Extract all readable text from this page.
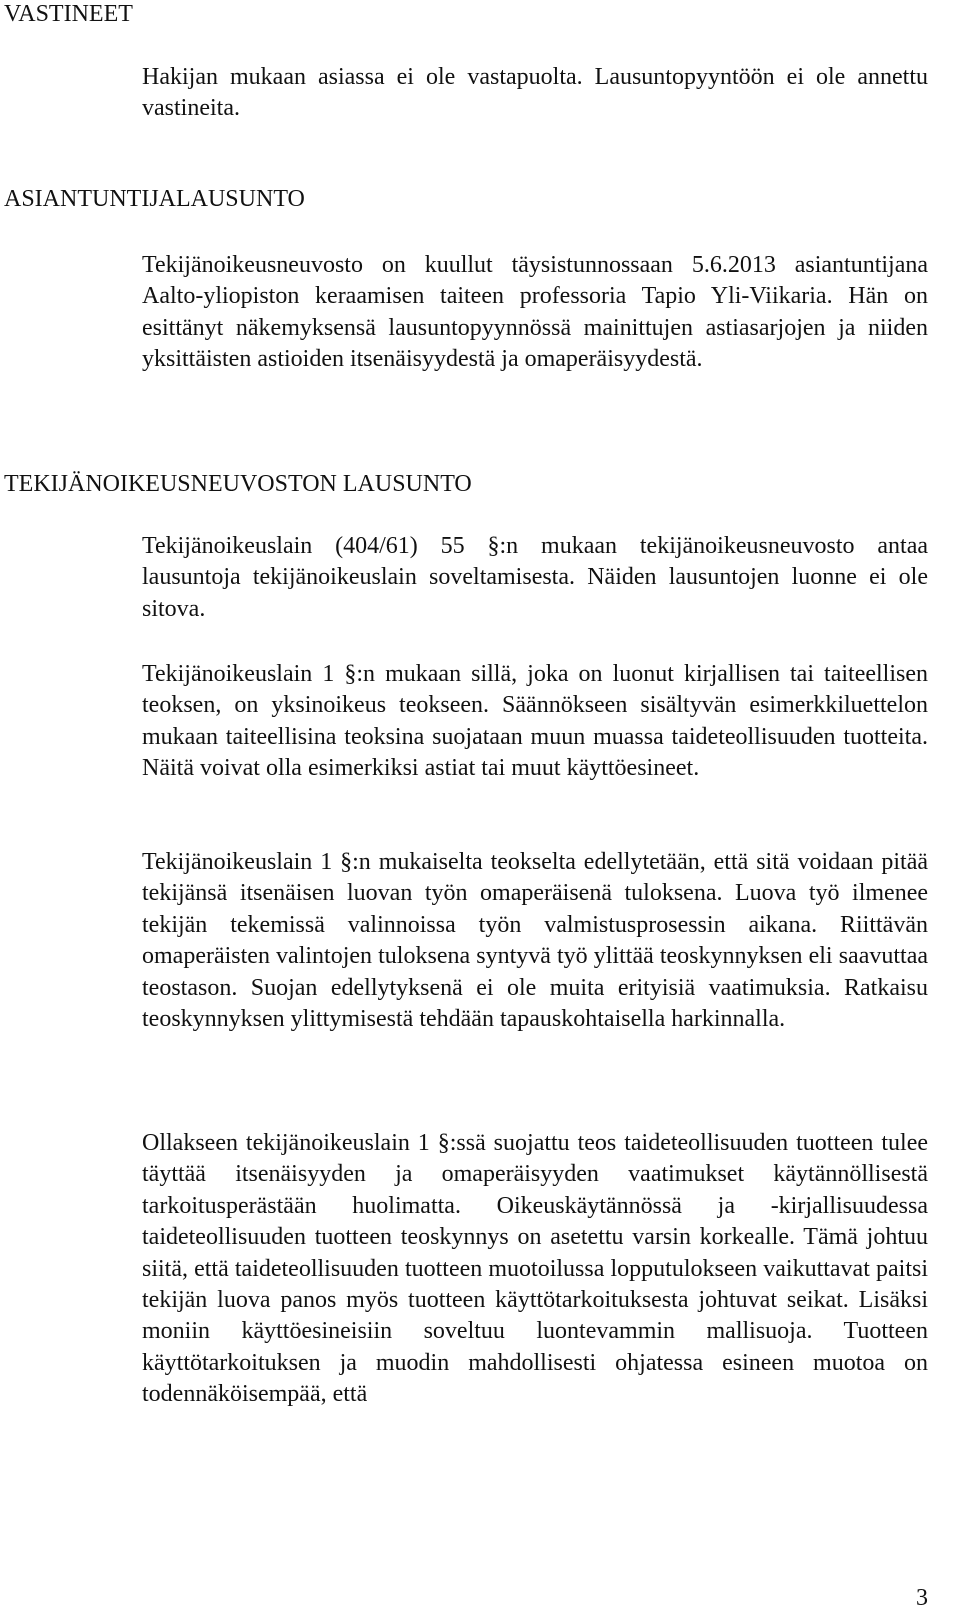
VASTINEET

Hakijan mukaan asiassa ei ole vastapuolta. Lausuntopyyntöön ei ole annettu vastineita.

ASIANTUNTIJALAUSUNTO

Tekijänoikeusneuvosto on kuullut täysistunnossaan 5.6.2013 asiantuntijana Aalto-yliopiston keraamisen taiteen professoria Tapio Yli-Viikaria. Hän on esittänyt näkemyksensä lausuntopyynnössä mainittujen astiasarjojen ja niiden yksittäisten astioiden itsenäisyydestä ja omaperäisyydestä.

TEKIJÄNOIKEUSNEUVOSTON LAUSUNTO

Tekijänoikeuslain (404/61) 55 §:n mukaan tekijänoikeusneuvosto antaa lausuntoja tekijänoikeuslain soveltamisesta. Näiden lausuntojen luonne ei ole sitova.

Tekijänoikeuslain 1 §:n mukaan sillä, joka on luonut kirjallisen tai taiteellisen teoksen, on yksinoikeus teokseen. Säännökseen sisältyvän esimerkkiluettelon mukaan taiteellisina teoksina suojataan muun muassa taideteollisuuden tuotteita. Näitä voivat olla esimerkiksi astiat tai muut käyttöesineet.

Tekijänoikeuslain 1 §:n mukaiselta teokselta edellytetään, että sitä voidaan pitää tekijänsä itsenäisen luovan työn omaperäisenä tuloksena. Luova työ ilmenee tekijän tekemissä valinnoissa työn valmistusprosessin aikana. Riittävän omaperäisten valintojen tuloksena syntyvä työ ylittää teoskynnyksen eli saavuttaa teostason. Suojan edellytyksenä ei ole muita erityisiä vaatimuksia. Ratkaisu teoskynnyksen ylittymisestä tehdään tapauskohtaisella harkinnalla.

Ollakseen tekijänoikeuslain 1 §:ssä suojattu teos taideteollisuuden tuotteen tulee täyttää itsenäisyyden ja omaperäisyyden vaatimukset käytännöllisestä tarkoitusperästään huolimatta. Oikeuskäytännössä ja -kirjallisuudessa taideteollisuuden tuotteen teoskynnys on asetettu varsin korkealle. Tämä johtuu siitä, että taideteollisuuden tuotteen muotoilussa lopputulokseen vaikuttavat paitsi tekijän luova panos myös tuotteen käyttötarkoituksesta johtuvat seikat. Lisäksi moniin käyttöesineisiin soveltuu luontevammin mallisuoja. Tuotteen käyttötarkoituksen ja muodin mahdollisesti ohjatessa esineen muotoa on todennäköisempää, että

3
